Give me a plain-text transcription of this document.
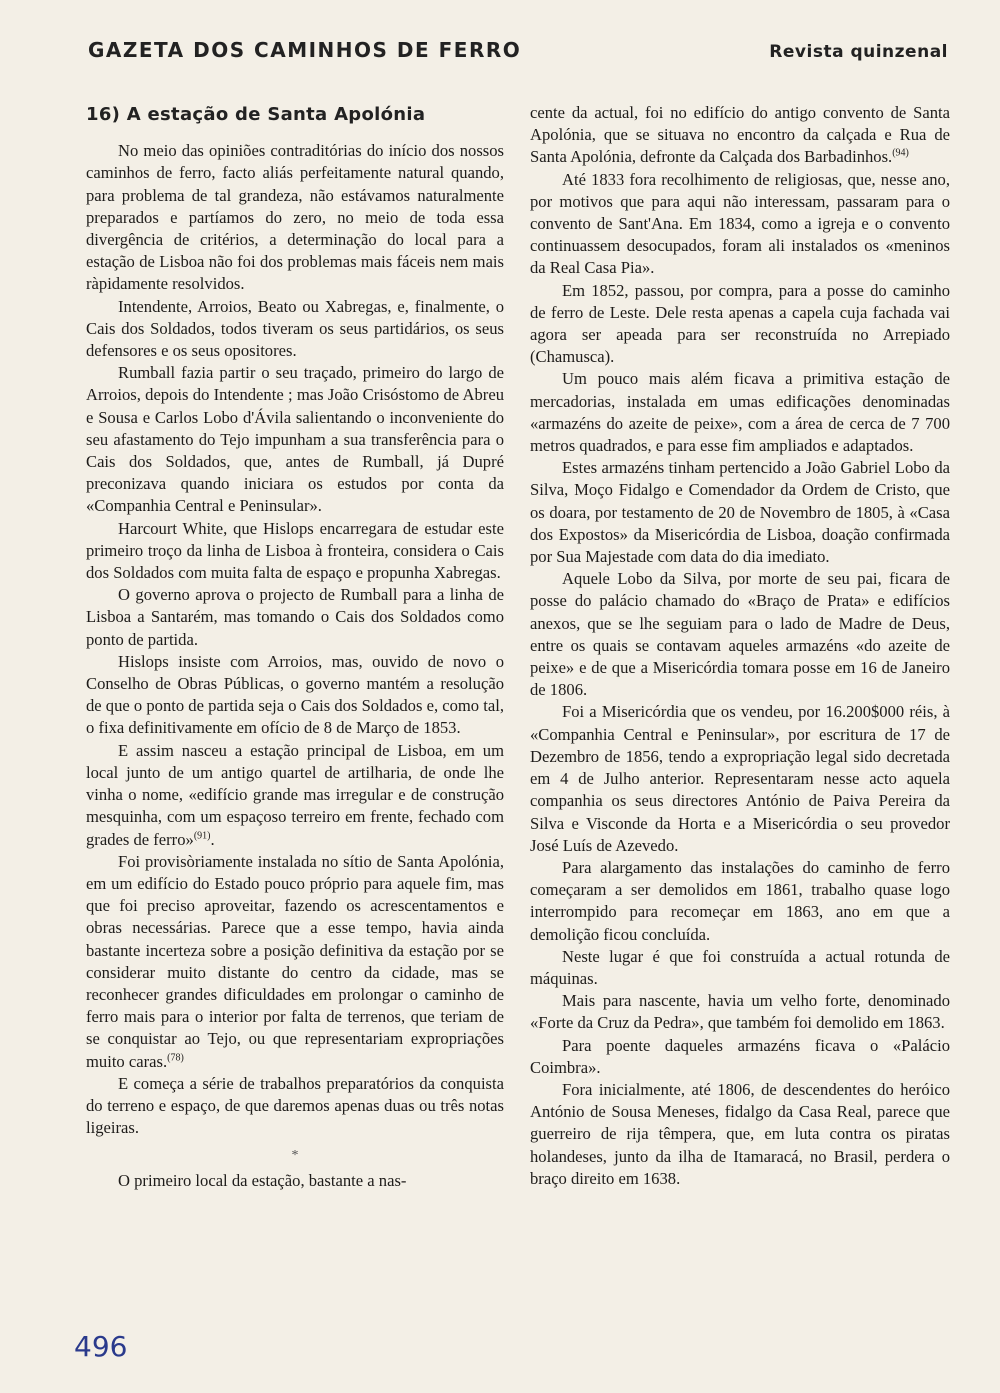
GAZETA DOS CAMINHOS DE FERRO	Revista quinzenal
16) A estação de Santa Apolónia

No meio das opiniões contraditórias do início dos nossos caminhos de ferro, facto aliás perfeitamente natural quando, para problema de tal grandeza, não estávamos naturalmente preparados e partíamos do zero, no meio de toda essa divergência de critérios, a determinação do local para a estação de Lisboa não foi dos problemas mais fáceis nem mais ràpidamente resolvidos.

Intendente, Arroios, Beato ou Xabregas, e, finalmente, o Cais dos Soldados, todos tiveram os seus partidários, os seus defensores e os seus opositores.

Rumball fazia partir o seu traçado, primeiro do largo de Arroios, depois do Intendente ; mas João Crisóstomo de Abreu e Sousa e Carlos Lobo d'Ávila salientando o inconveniente do seu afastamento do Tejo impunham a sua transferência para o Cais dos Soldados, que, antes de Rumball, já Dupré preconizava quando iniciara os estudos por conta da «Companhia Central e Peninsular».

Harcourt White, que Hislops encarregara de estudar este primeiro troço da linha de Lisboa à fronteira, considera o Cais dos Soldados com muita falta de espaço e propunha Xabregas.

O governo aprova o projecto de Rumball para a linha de Lisboa a Santarém, mas tomando o Cais dos Soldados como ponto de partida.

Hislops insiste com Arroios, mas, ouvido de novo o Conselho de Obras Públicas, o governo mantém a resolução de que o ponto de partida seja o Cais dos Soldados e, como tal, o fixa definitivamente em ofício de 8 de Março de 1853.

E assim nasceu a estação principal de Lisboa, em um local junto de um antigo quartel de artilharia, de onde lhe vinha o nome, «edifício grande mas irregular e de construção mesquinha, com um espaçoso terreiro em frente, fechado com grades de ferro»$^{(91)}$.

Foi provisòriamente instalada no sítio de Santa Apolónia, em um edifício do Estado pouco próprio para aquele fim, mas que foi preciso aproveitar, fazendo os acrescentamentos e obras necessárias. Parece que a esse tempo, havia ainda bastante incerteza sobre a posição definitiva da estação por se considerar muito distante do centro da cidade, mas se reconhecer grandes dificuldades em prolongar o caminho de ferro mais para o interior por falta de terrenos, que teriam de se conquistar ao Tejo, ou que representariam expropriações muito caras.$^{(78)}$

E começa a série de trabalhos preparatórios da conquista do terreno e espaço, de que daremos apenas duas ou três notas ligeiras.

*

O primeiro local da estação, bastante a nas-

cente da actual, foi no edifício do antigo convento de Santa Apolónia, que se situava no encontro da calçada e Rua de Santa Apolónia, defronte da Calçada dos Barbadinhos.$^{(94)}$

Até 1833 fora recolhimento de religiosas, que, nesse ano, por motivos que para aqui não interessam, passaram para o convento de Sant'Ana. Em 1834, como a igreja e o convento continuassem desocupados, foram ali instalados os «meninos da Real Casa Pia».

Em 1852, passou, por compra, para a posse do caminho de ferro de Leste. Dele resta apenas a capela cuja fachada vai agora ser apeada para ser reconstruída no Arrepiado (Chamusca).

Um pouco mais além ficava a primitiva estação de mercadorias, instalada em umas edificações denominadas «armazéns do azeite de peixe», com a área de cerca de 7 700 metros quadrados, e para esse fim ampliados e adaptados.

Estes armazéns tinham pertencido a João Gabriel Lobo da Silva, Moço Fidalgo e Comendador da Ordem de Cristo, que os doara, por testamento de 20 de Novembro de 1805, à «Casa dos Expostos» da Misericórdia de Lisboa, doação confirmada por Sua Majestade com data do dia imediato.

Aquele Lobo da Silva, por morte de seu pai, ficara de posse do palácio chamado do «Braço de Prata» e edifícios anexos, que se lhe seguiam para o lado de Madre de Deus, entre os quais se contavam aqueles armazéns «do azeite de peixe» e de que a Misericórdia tomara posse em 16 de Janeiro de 1806.

Foi a Misericórdia que os vendeu, por 16.200$000 réis, à «Companhia Central e Peninsular», por escritura de 17 de Dezembro de 1856, tendo a expropriação legal sido decretada em 4 de Julho anterior. Representaram nesse acto aquela companhia os seus directores António de Paiva Pereira da Silva e Visconde da Horta e a Misericórdia o seu provedor José Luís de Azevedo.

Para alargamento das instalações do caminho de ferro começaram a ser demolidos em 1861, trabalho quase logo interrompido para recomeçar em 1863, ano em que a demolição ficou concluída.

Neste lugar é que foi construída a actual rotunda de máquinas.

Mais para nascente, havia um velho forte, denominado «Forte da Cruz da Pedra», que também foi demolido em 1863.

Para poente daqueles armazéns ficava o «Palácio Coimbra».

Fora inicialmente, até 1806, de descendentes do heróico António de Sousa Meneses, fidalgo da Casa Real, parece que guerreiro de rija têmpera, que, em luta contra os piratas holandeses, junto da ilha de Itamaracá, no Brasil, perdera o braço direito em 1638.

496
